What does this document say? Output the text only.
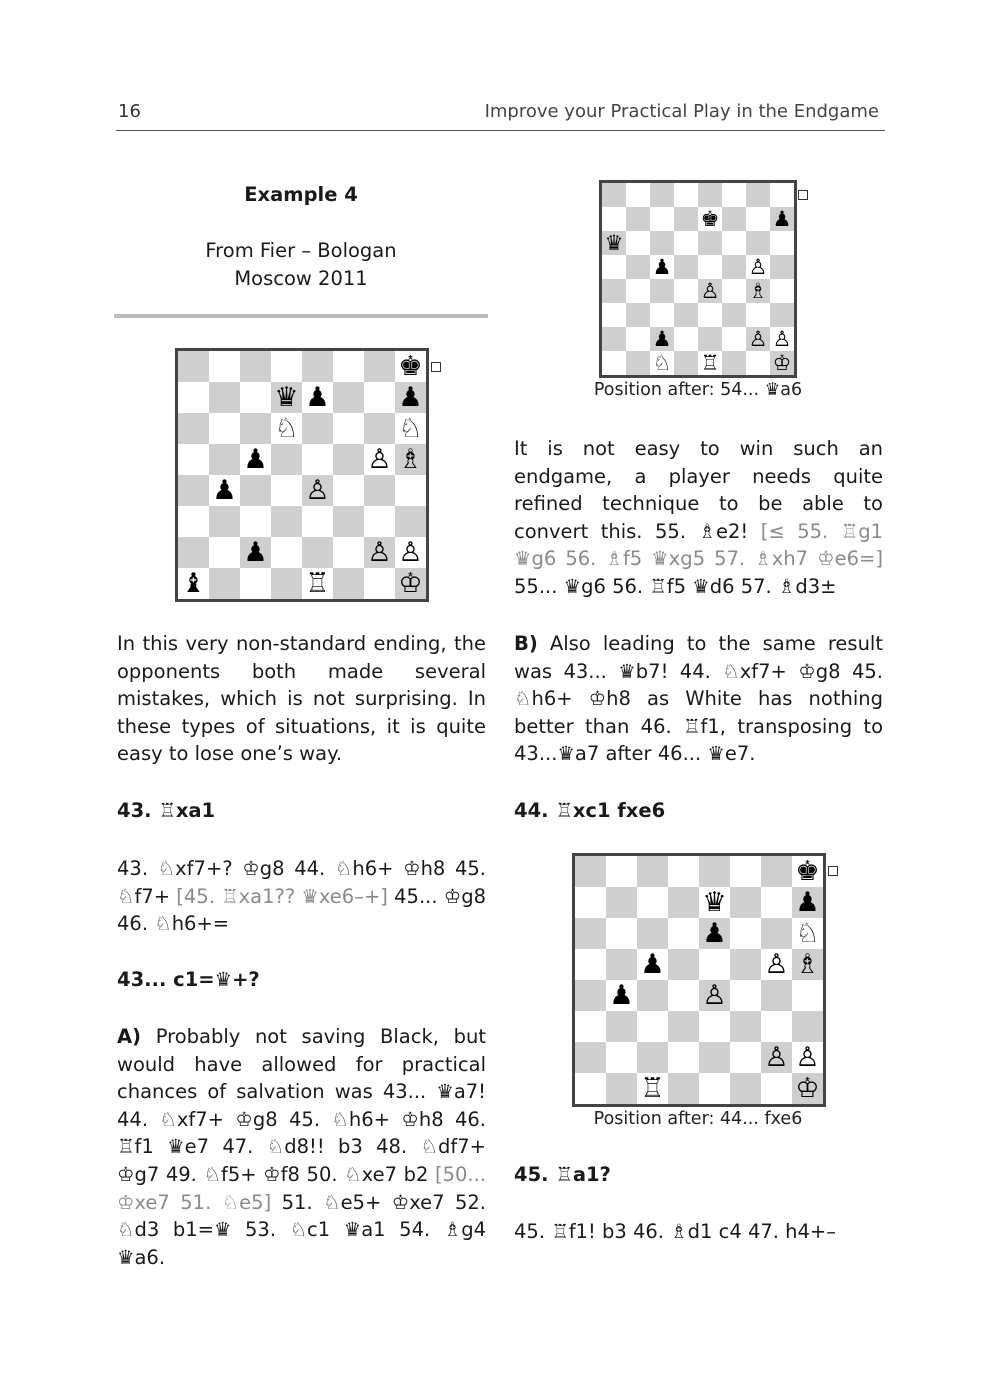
16	Improve your Practical Play in the Endgame
Example 4
From Fier – Bologan
Moscow 2011
♚
♛ ♟	♟
♘	♘
♟	♙ ♗
♟	♙
♟	♙ ♙
♝	♖	♔
♚	♟
♛
♟	♙
♙ ♗
♟	♙ ♙
♘ ♖	♔
Position after: 54... ♛a6
♚
♛	♟
♟	♘
♟	♙ ♗
♟	♙
♙ ♙
♖	♔
Position after: 44... fxe6

In this very non-standard ending, the opponents both made several mistakes, which is not surprising. In these types of situations, it is quite easy to lose one’s way.

43. ♖xa1

43. ♘xf7+? ♔g8 44. ♘h6+ ♔h8 45. ♘f7+ [45. ♖xa1?? ♛xe6–+] 45... ♔g8 46. ♘h6+=

43... c1=♛+?

A) Probably not saving Black, but would have allowed for practical chances of salvation was 43... ♛a7! 44. ♘xf7+ ♔g8 45. ♘h6+ ♔h8 46. ♖f1 ♛e7 47. ♘d8!! b3 48. ♘df7+ ♔g7 49. ♘f5+ ♔f8 50. ♘xe7 b2 [50... ♔xe7 51. ♘e5] 51. ♘e5+ ♔xe7 52. ♘d3 b1=♛ 53. ♘c1 ♛a1 54. ♗g4 ♛a6.

It is not easy to win such an endgame, a player needs quite refined technique to be able to convert this. 55. ♗e2! [≤ 55. ♖g1 ♛g6 56. ♗f5 ♛xg5 57. ♗xh7 ♔e6=] 55... ♛g6 56. ♖f5 ♛d6 57. ♗d3±

B) Also leading to the same result was 43... ♛b7! 44. ♘xf7+ ♔g8 45. ♘h6+ ♔h8 as White has nothing better than 46. ♖f1, transposing to 43...♛a7 after 46... ♛e7.

44. ♖xc1 fxe6
45. ♖a1?

45. ♖f1! b3 46. ♗d1 c4 47. h4+–
